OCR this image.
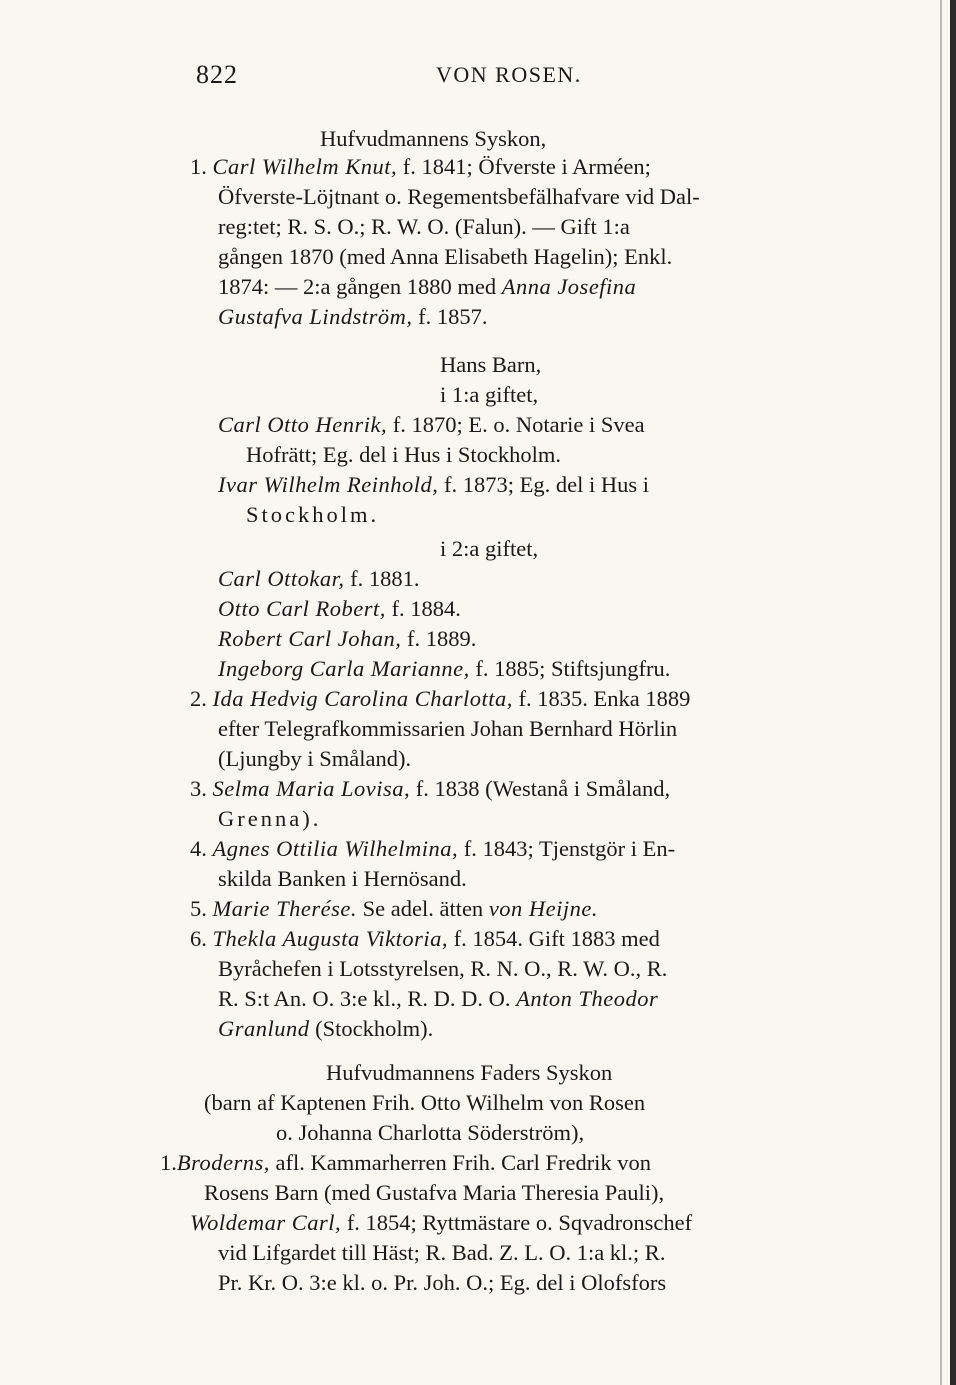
822	VON ROSEN.
Hufvudmannens Syskon,
1. Carl Wilhelm Knut, f. 1841; Öfverste i Arméen;
Öfverste-Löjtnant o. Regementsbefälhafvare vid Dal-
reg:tet; R. S. O.; R. W. O. (Falun). — Gift 1:a
gången 1870 (med Anna Elisabeth Hagelin); Enkl.
1874: — 2:a gången 1880 med Anna Josefina
Gustafva Lindström, f. 1857.
Hans Barn,
i 1:a giftet,
Carl Otto Henrik, f. 1870; E. o. Notarie i Svea
Hofrätt; Eg. del i Hus i Stockholm.
Ivar Wilhelm Reinhold, f. 1873; Eg. del i Hus i
Stockholm.
i 2:a giftet,
Carl Ottokar, f. 1881.
Otto Carl Robert, f. 1884.
Robert Carl Johan, f. 1889.
Ingeborg Carla Marianne, f. 1885; Stiftsjungfru.
2. Ida Hedvig Carolina Charlotta, f. 1835. Enka 1889
efter Telegrafkommissarien Johan Bernhard Hörlin
(Ljungby i Småland).
3. Selma Maria Lovisa, f. 1838 (Westanå i Småland,
Grenna).
4. Agnes Ottilia Wilhelmina, f. 1843; Tjenstgör i En-
skilda Banken i Hernösand.
5. Marie Therése. Se adel. ätten von Heijne.
6. Thekla Augusta Viktoria, f. 1854. Gift 1883 med
Byråchefen i Lotsstyrelsen, R. N. O., R. W. O., R.
R. S:t An. O. 3:e kl., R. D. D. O. Anton Theodor
Granlund (Stockholm).
Hufvudmannens Faders Syskon
(barn af Kaptenen Frih. Otto Wilhelm von Rosen
o. Johanna Charlotta Söderström),
1.Broderns, afl. Kammarherren Frih. Carl Fredrik von
Rosens Barn (med Gustafva Maria Theresia Pauli),
Woldemar Carl, f. 1854; Ryttmästare o. Sqvadronschef
vid Lifgardet till Häst; R. Bad. Z. L. O. 1:a kl.; R.
Pr. Kr. O. 3:e kl. o. Pr. Joh. O.; Eg. del i Olofsfors
